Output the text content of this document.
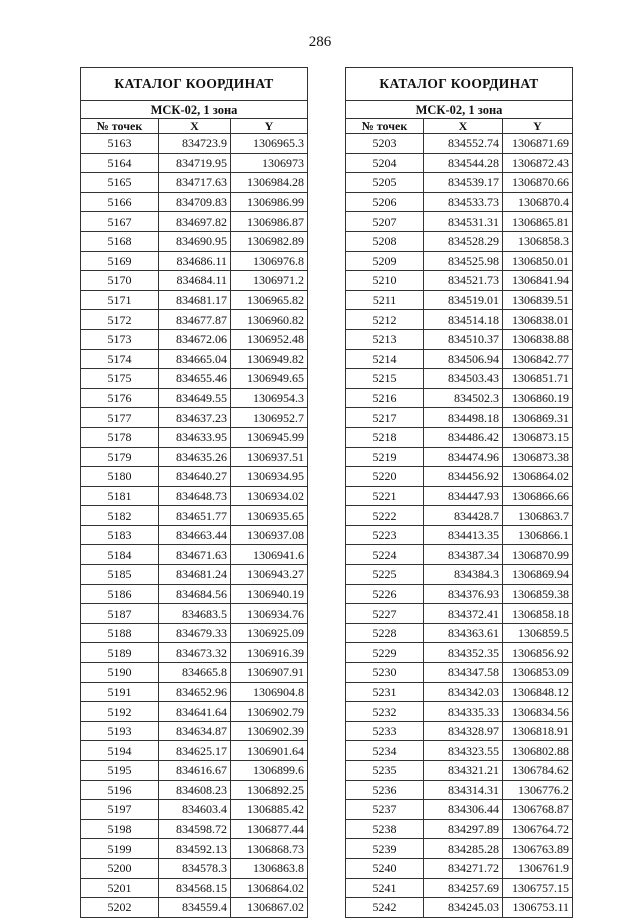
286
КАТАЛОГ КООРДИНАТ		
МСК-02, 1 зона		
№ точек	X	Y
5163	834723.9	1306965.3
5164	834719.95	1306973
5165	834717.63	1306984.28
5166	834709.83	1306986.99
5167	834697.82	1306986.87
5168	834690.95	1306982.89
5169	834686.11	1306976.8
5170	834684.11	1306971.2
5171	834681.17	1306965.82
5172	834677.87	1306960.82
5173	834672.06	1306952.48
5174	834665.04	1306949.82
5175	834655.46	1306949.65
5176	834649.55	1306954.3
5177	834637.23	1306952.7
5178	834633.95	1306945.99
5179	834635.26	1306937.51
5180	834640.27	1306934.95
5181	834648.73	1306934.02
5182	834651.77	1306935.65
5183	834663.44	1306937.08
5184	834671.63	1306941.6
5185	834681.24	1306943.27
5186	834684.56	1306940.19
5187	834683.5	1306934.76
5188	834679.33	1306925.09
5189	834673.32	1306916.39
5190	834665.8	1306907.91
5191	834652.96	1306904.8
5192	834641.64	1306902.79
5193	834634.87	1306902.39
5194	834625.17	1306901.64
5195	834616.67	1306899.6
5196	834608.23	1306892.25
5197	834603.4	1306885.42
5198	834598.72	1306877.44
5199	834592.13	1306868.73
5200	834578.3	1306863.8
5201	834568.15	1306864.02
5202	834559.4	1306867.02
КАТАЛОГ КООРДИНАТ		
МСК-02, 1 зона		
№ точек	X	Y
5203	834552.74	1306871.69
5204	834544.28	1306872.43
5205	834539.17	1306870.66
5206	834533.73	1306870.4
5207	834531.31	1306865.81
5208	834528.29	1306858.3
5209	834525.98	1306850.01
5210	834521.73	1306841.94
5211	834519.01	1306839.51
5212	834514.18	1306838.01
5213	834510.37	1306838.88
5214	834506.94	1306842.77
5215	834503.43	1306851.71
5216	834502.3	1306860.19
5217	834498.18	1306869.31
5218	834486.42	1306873.15
5219	834474.96	1306873.38
5220	834456.92	1306864.02
5221	834447.93	1306866.66
5222	834428.7	1306863.7
5223	834413.35	1306866.1
5224	834387.34	1306870.99
5225	834384.3	1306869.94
5226	834376.93	1306859.38
5227	834372.41	1306858.18
5228	834363.61	1306859.5
5229	834352.35	1306856.92
5230	834347.58	1306853.09
5231	834342.03	1306848.12
5232	834335.33	1306834.56
5233	834328.97	1306818.91
5234	834323.55	1306802.88
5235	834321.21	1306784.62
5236	834314.31	1306776.2
5237	834306.44	1306768.87
5238	834297.89	1306764.72
5239	834285.28	1306763.89
5240	834271.72	1306761.9
5241	834257.69	1306757.15
5242	834245.03	1306753.11
